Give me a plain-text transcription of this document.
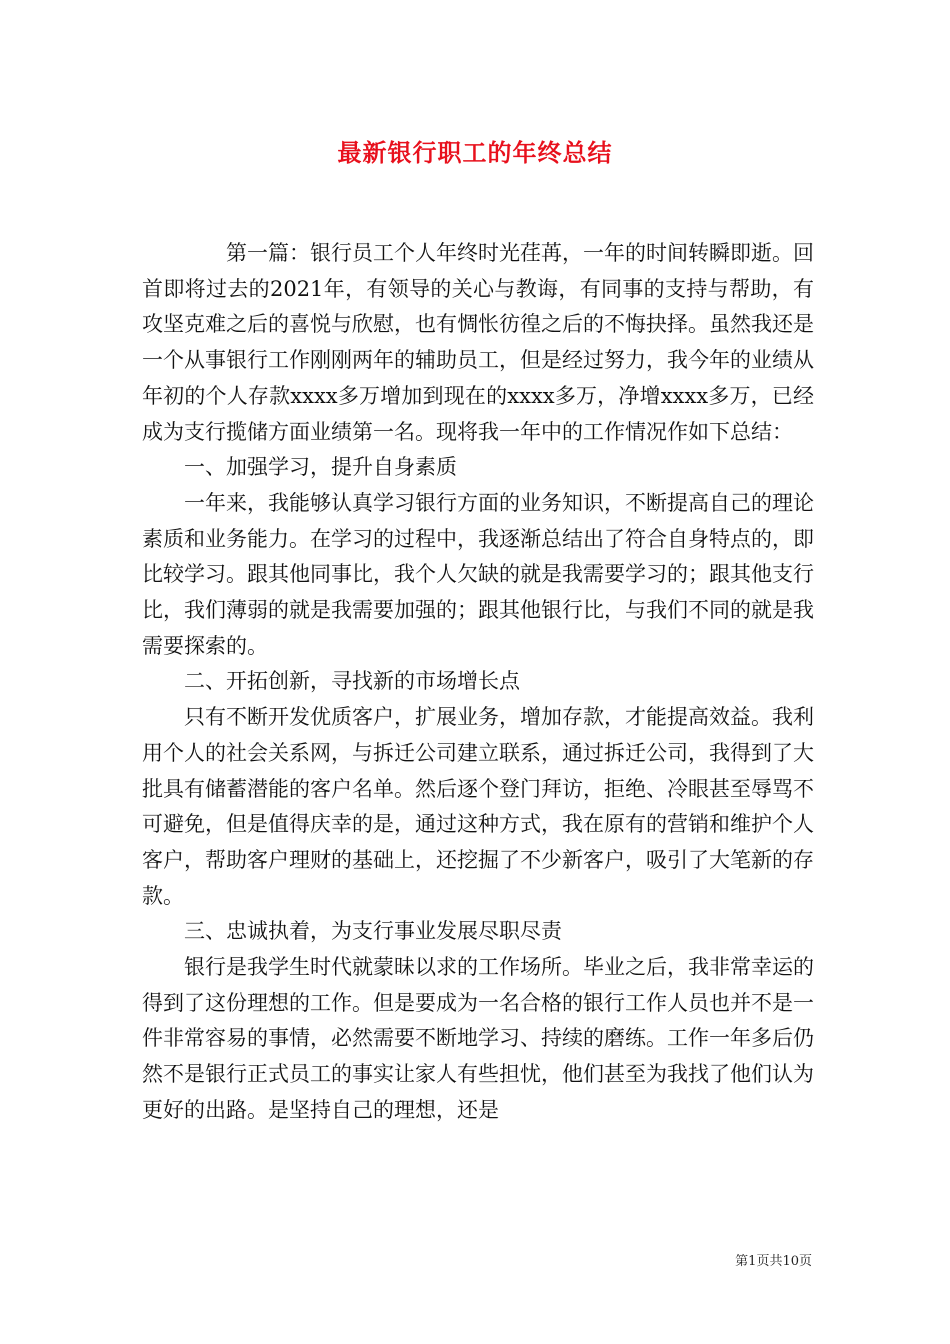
最新银行职工的年终总结

第一篇：银行员工个人年终时光荏苒，一年的时间转瞬即逝。回首即将过去的2021年，有领导的关心与教诲，有同事的支持与帮助，有攻坚克难之后的喜悦与欣慰，也有惆怅彷徨之后的不悔抉择。虽然我还是一个从事银行工作刚刚两年的辅助员工，但是经过努力，我今年的业绩从年初的个人存款xxxx多万增加到现在的xxxx多万，净增xxxx多万，已经成为支行揽储方面业绩第一名。现将我一年中的工作情况作如下总结：

一、加强学习，提升自身素质

一年来，我能够认真学习银行方面的业务知识，不断提高自己的理论素质和业务能力。在学习的过程中，我逐渐总结出了符合自身特点的，即比较学习。跟其他同事比，我个人欠缺的就是我需要学习的；跟其他支行比，我们薄弱的就是我需要加强的；跟其他银行比，与我们不同的就是我需要探索的。

二、开拓创新，寻找新的市场增长点

只有不断开发优质客户，扩展业务，增加存款，才能提高效益。我利用个人的社会关系网，与拆迁公司建立联系，通过拆迁公司，我得到了大批具有储蓄潜能的客户名单。然后逐个登门拜访，拒绝、冷眼甚至辱骂不可避免，但是值得庆幸的是，通过这种方式，我在原有的营销和维护个人客户，帮助客户理财的基础上，还挖掘了不少新客户，吸引了大笔新的存款。

三、忠诚执着，为支行事业发展尽职尽责

银行是我学生时代就蒙昧以求的工作场所。毕业之后，我非常幸运的得到了这份理想的工作。但是要成为一名合格的银行工作人员也并不是一件非常容易的事情，必然需要不断地学习、持续的磨练。工作一年多后仍然不是银行正式员工的事实让家人有些担忧，他们甚至为我找了他们认为更好的出路。是坚持自己的理想，还是

第1页共10页
